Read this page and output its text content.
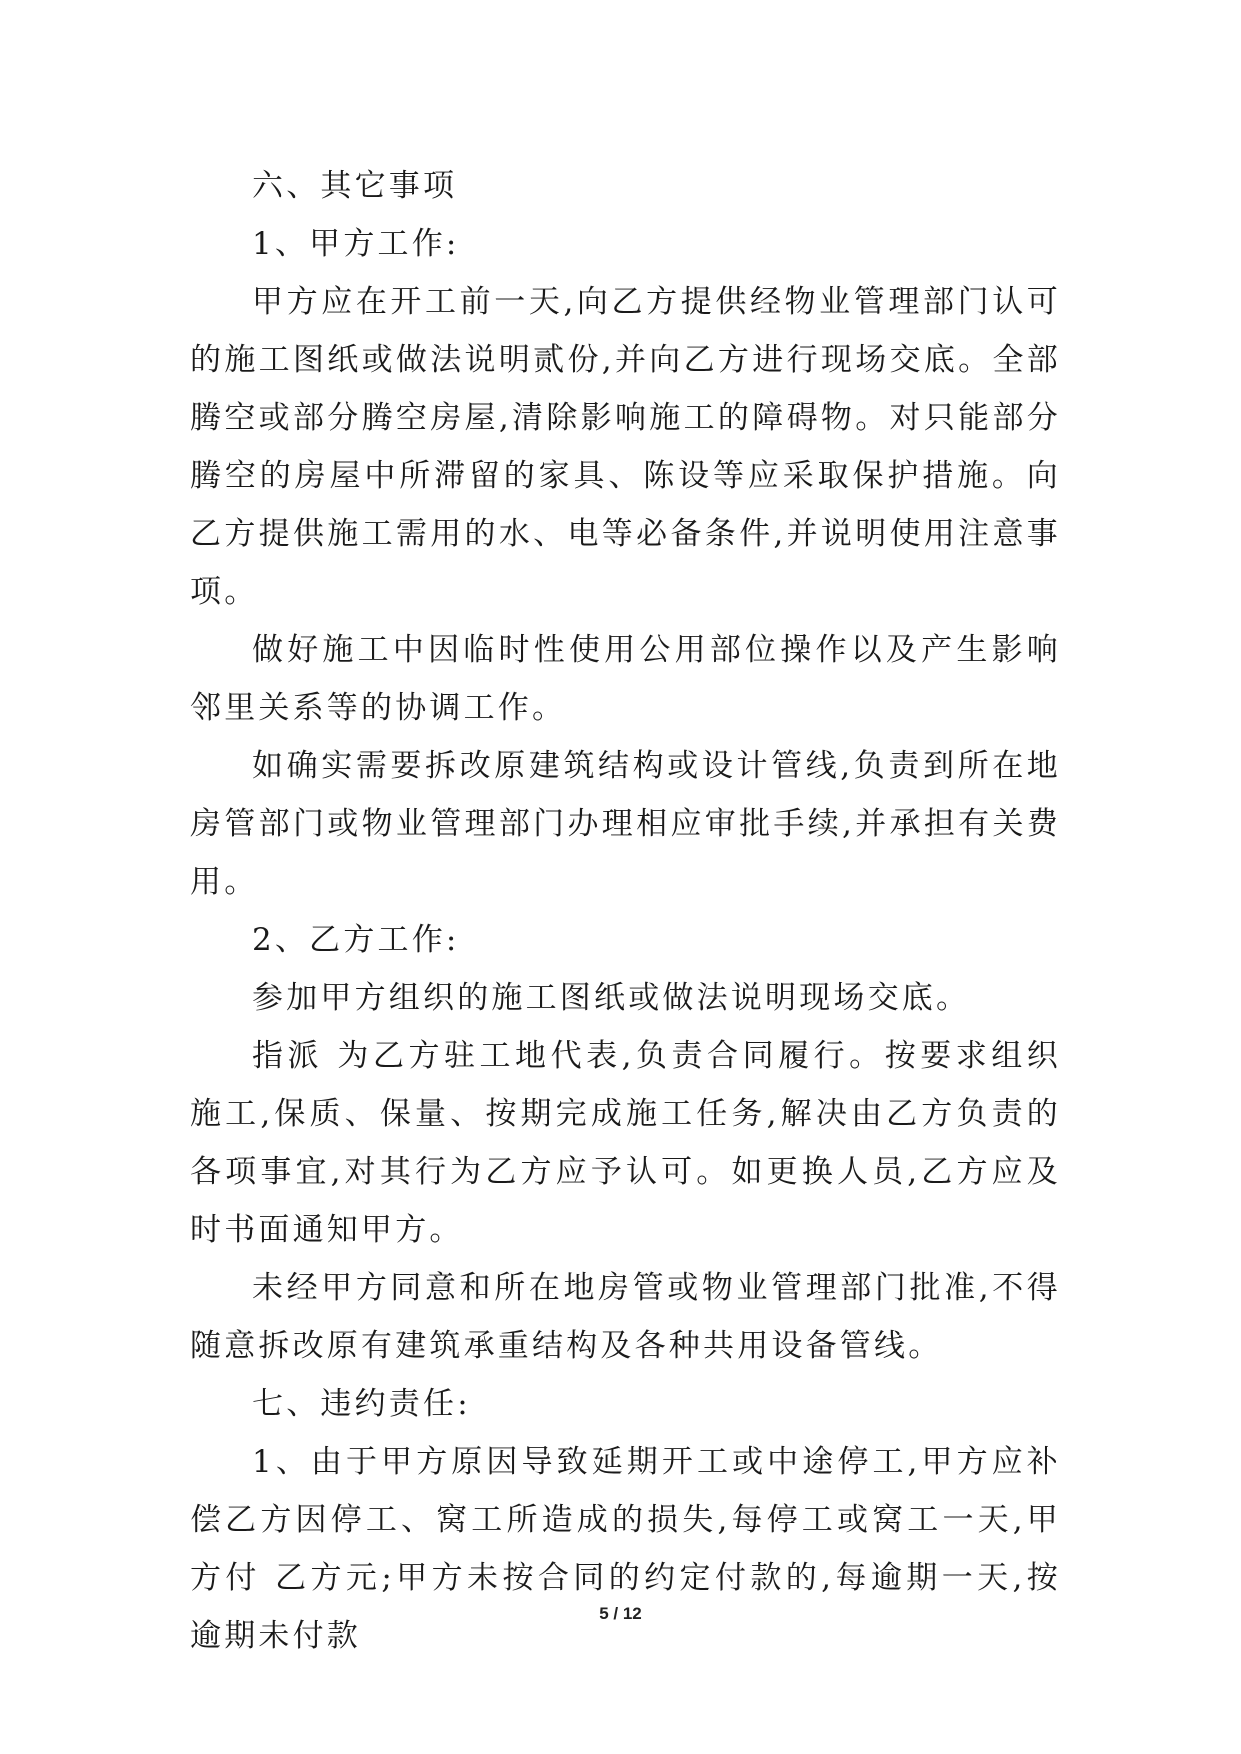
六、其它事项

1、甲方工作:

甲方应在开工前一天,向乙方提供经物业管理部门认可的施工图纸或做法说明贰份,并向乙方进行现场交底。全部腾空或部分腾空房屋,清除影响施工的障碍物。对只能部分腾空的房屋中所滞留的家具、陈设等应采取保护措施。向乙方提供施工需用的水、电等必备条件,并说明使用注意事项。

做好施工中因临时性使用公用部位操作以及产生影响邻里关系等的协调工作。

如确实需要拆改原建筑结构或设计管线,负责到所在地房管部门或物业管理部门办理相应审批手续,并承担有关费用。

2、乙方工作:

参加甲方组织的施工图纸或做法说明现场交底。

指派 为乙方驻工地代表,负责合同履行。按要求组织施工,保质、保量、按期完成施工任务,解决由乙方负责的各项事宜,对其行为乙方应予认可。如更换人员,乙方应及时书面通知甲方。

未经甲方同意和所在地房管或物业管理部门批准,不得随意拆改原有建筑承重结构及各种共用设备管线。

七、违约责任:

1、由于甲方原因导致延期开工或中途停工,甲方应补偿乙方因停工、窝工所造成的损失,每停工或窝工一天,甲方付 乙方元;甲方未按合同的约定付款的,每逾期一天,按逾期未付款

5 / 12
